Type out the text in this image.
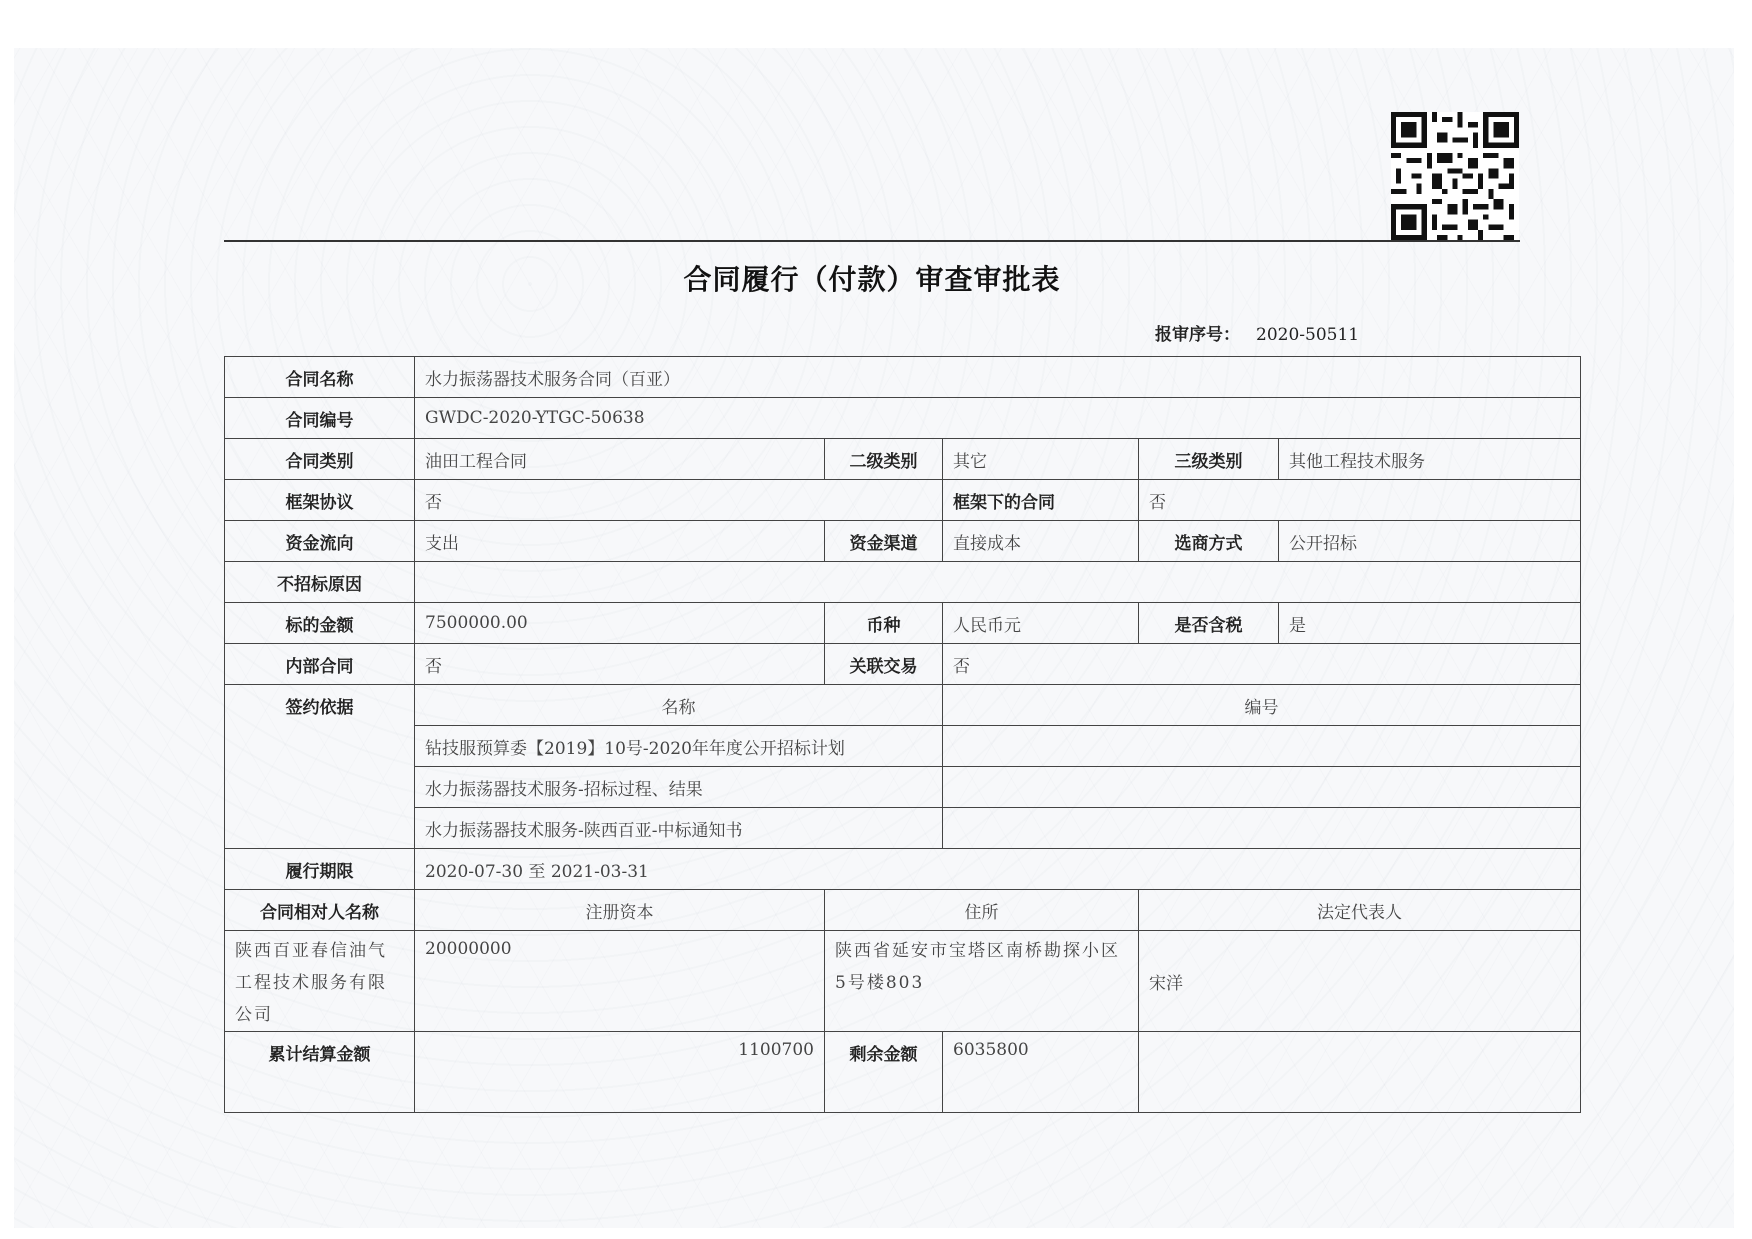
合同履行（付款）审查审批表
报审序号： 2020-50511
合同名称	水力振荡器技术服务合同（百亚）				
合同编号	GWDC-2020-YTGC-50638				
合同类别	油田工程合同	二级类别	其它	三级类别	其他工程技术服务
框架协议	否		框架下的合同	否	
资金流向	支出	资金渠道	直接成本	选商方式	公开招标
不招标原因					
标的金额	7500000.00	币种	人民币元	是否含税	是
内部合同	否	关联交易	否		
签约依据	名称		编号		
	钻技服预算委【2019】10号-2020年年度公开招标计划				
	水力振荡器技术服务-招标过程、结果				
	水力振荡器技术服务-陕西百亚-中标通知书				
履行期限	2020-07-30 至 2021-03-31				
合同相对人名称	注册资本	住所		法定代表人	
陕西百亚春信油气工程技术服务有限公司	20000000	陕西省延安市宝塔区南桥勘探小区5号楼803		宋洋	
累计结算金额	1100700	剩余金额	6035800		
